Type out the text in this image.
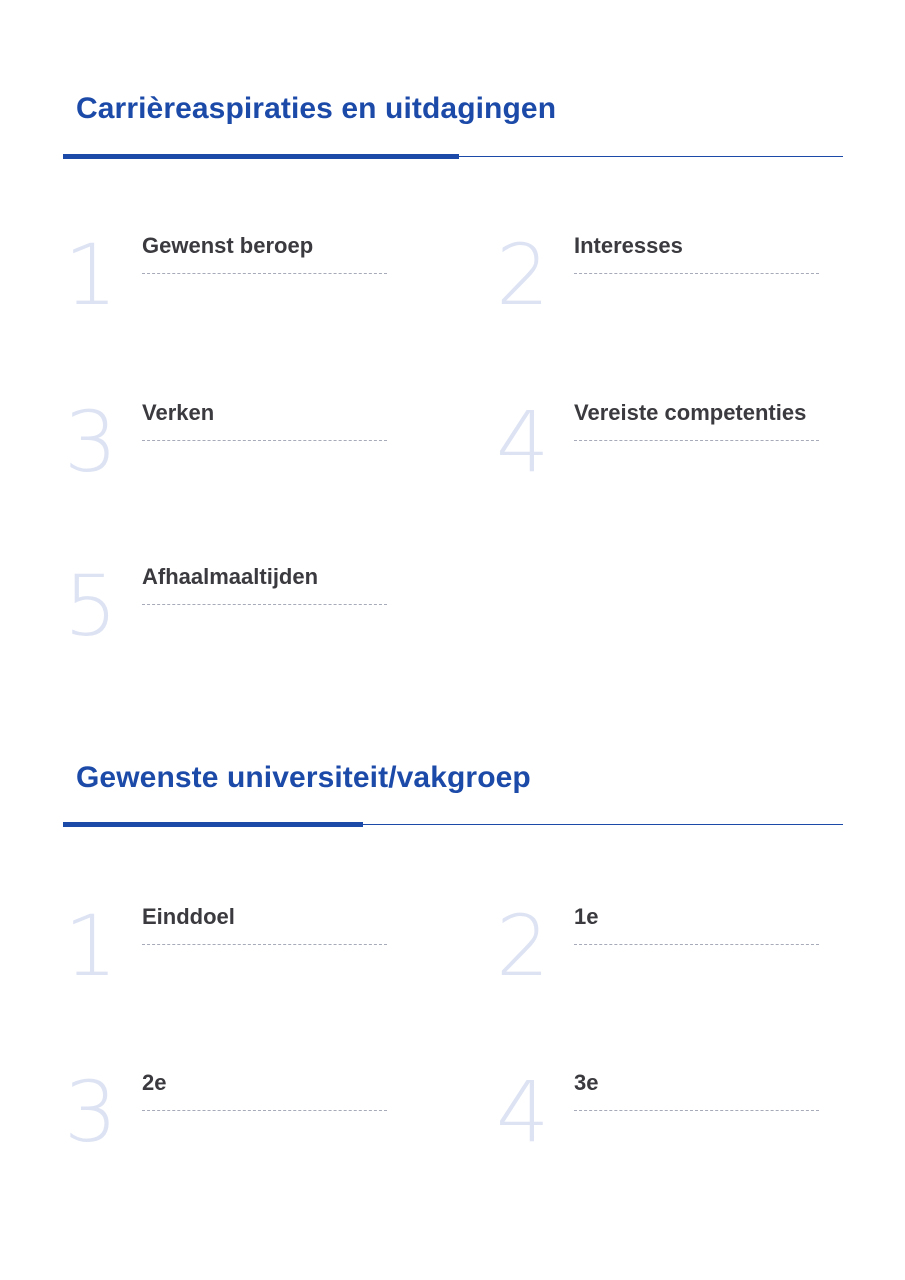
Carrièreaspiraties en uitdagingen
1 Gewenst beroep 2 Interesses
3 Verken	4 Vereiste competenties
5 Afhaalmaaltijden
Gewenste universiteit/vakgroep
1 Einddoel	2 1e
3 2e	4 3e
